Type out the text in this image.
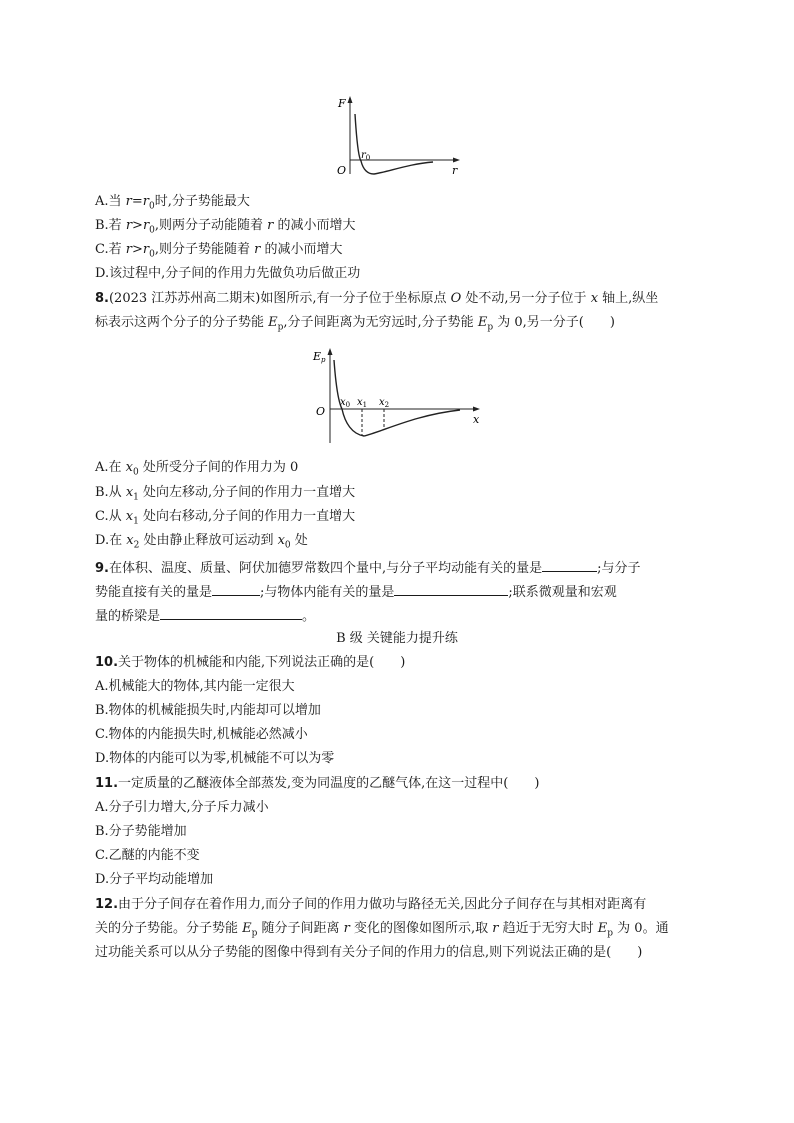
F
r
O
$r_0$
A.当 $r=r_0$时,分子势能最大
B.若 $r>r_0$,则两分子动能随着 r 的减小而增大
C.若 $r>r_0$,则分子势能随着 r 的减小而增大
D.该过程中,分子间的作用力先做负功后做正功
8.(2023 江苏苏州高二期末)如图所示,有一分子位于坐标原点 O 处不动,另一分子位于 x 轴上,纵坐
标表示这两个分子的分子势能 $E_p$,分子间距离为无穷远时,分子势能 $E_p$ 为 0,另一分子(　　)
Ep
O
x
$x_0$ $x_1$ $x_2$
A.在 $x_0$ 处所受分子间的作用力为 0
B.从 $x_1$ 处向左移动,分子间的作用力一直增大
C.从 $x_1$ 处向右移动,分子间的作用力一直增大
D.在 $x_2$ 处由静止释放可运动到 $x_0$ 处
9.在体积、温度、质量、阿伏加德罗常数四个量中,与分子平均动能有关的量是	;与分子
势能直接有关的量是	;与物体内能有关的量是	;联系微观量和宏观
量的桥梁是	。
B 级 关键能力提升练
10.关于物体的机械能和内能,下列说法正确的是(　　)
A.机械能大的物体,其内能一定很大
B.物体的机械能损失时,内能却可以增加
C.物体的内能损失时,机械能必然减小
D.物体的内能可以为零,机械能不可以为零
11.一定质量的乙醚液体全部蒸发,变为同温度的乙醚气体,在这一过程中(　　)
A.分子引力增大,分子斥力减小
B.分子势能增加
C.乙醚的内能不变
D.分子平均动能增加
12.由于分子间存在着作用力,而分子间的作用力做功与路径无关,因此分子间存在与其相对距离有
关的分子势能。分子势能 $E_p$ 随分子间距离 r 变化的图像如图所示,取 r 趋近于无穷大时 $E_p$ 为 0。通
过功能关系可以从分子势能的图像中得到有关分子间的作用力的信息,则下列说法正确的是(　　)
